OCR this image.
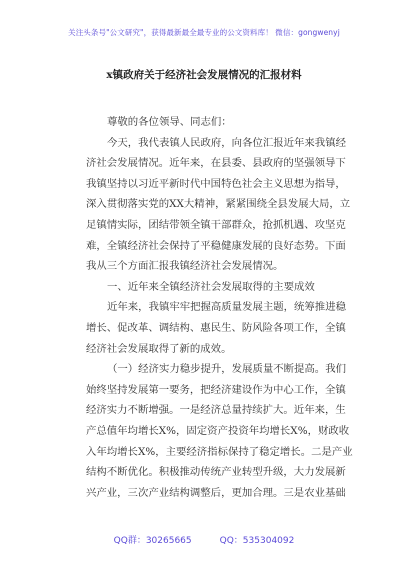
关注头条号"公文研究"，获得最新最全最专业的公文资料库！ 微信：gongwenyj
x镇政府关于经济社会发展情况的汇报材料
尊敬的各位领导、同志们：
今天，我代表镇人民政府，向各位汇报近年来我镇经
济社会发展情况。近年来，在县委、县政府的坚强领导下
我镇坚持以习近平新时代中国特色社会主义思想为指导，
深入贯彻落实党的XX大精神，紧紧围绕全县发展大局，立
足镇情实际，团结带领全镇干部群众，抢抓机遇、攻坚克
难，全镇经济社会保持了平稳健康发展的良好态势。下面
我从三个方面汇报我镇经济社会发展情况。
一、近年来全镇经济社会发展取得的主要成效
近年来，我镇牢牢把握高质量发展主题，统筹推进稳
增长、促改革、调结构、惠民生、防风险各项工作，全镇
经济社会发展取得了新的成效。
（一）经济实力稳步提升，发展质量不断提高。我们
始终坚持发展第一要务，把经济建设作为中心工作，全镇
经济实力不断增强。一是经济总量持续扩大。近年来，生
产总值年均增长X%，固定资产投资年均增长X%，财政收
入年均增长X%，主要经济指标保持了稳定增长。二是产业
结构不断优化。积极推动传统产业转型升级，大力发展新
兴产业，三次产业结构调整后，更加合理。三是农业基础
QQ群：30265665	QQ：535304092
